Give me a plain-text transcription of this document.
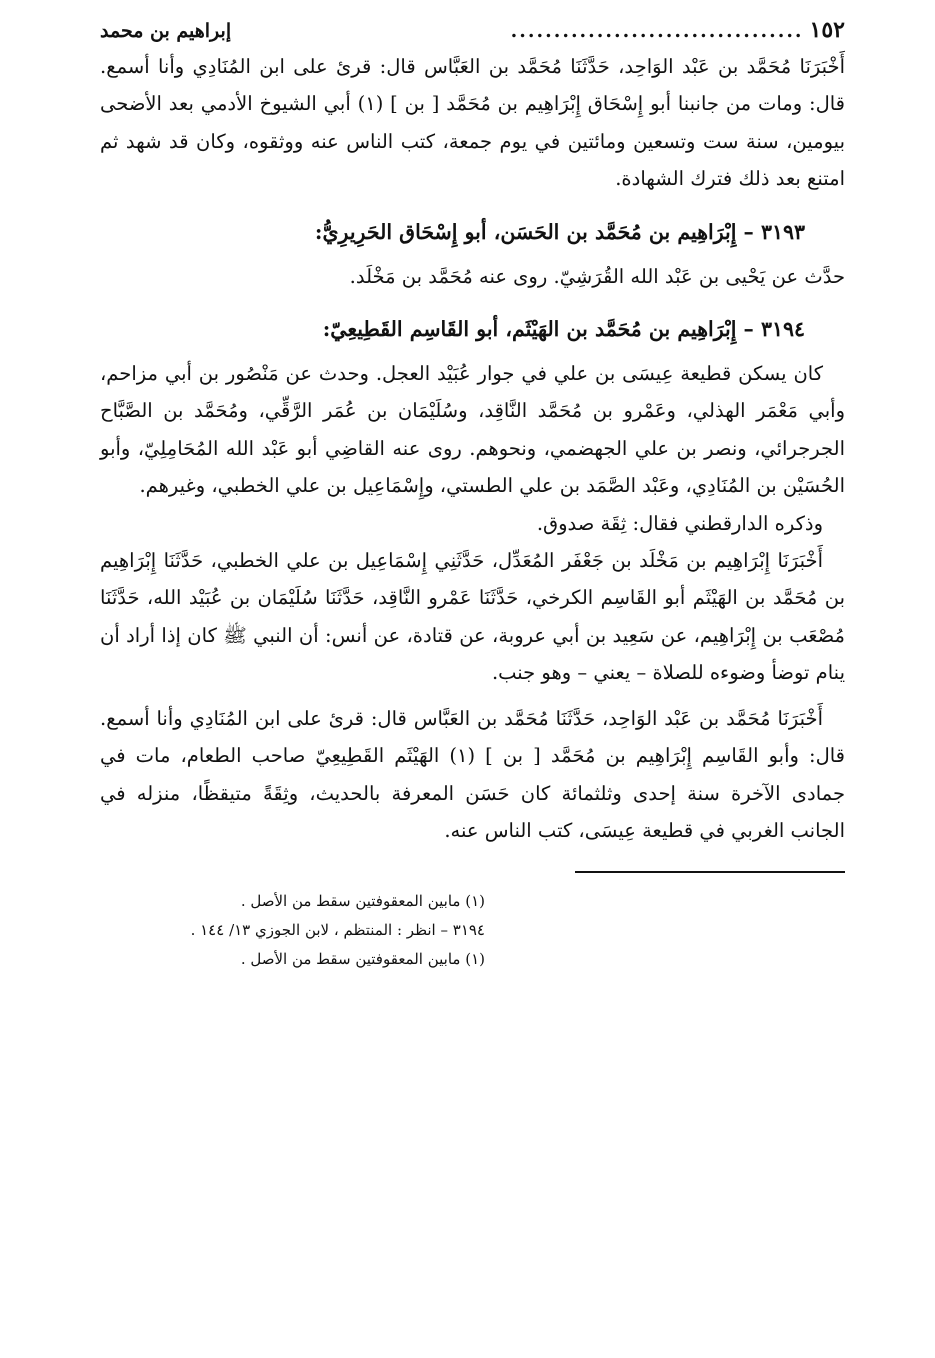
١٥٢
..................................
إبراهيم بن محمد

أَخْبَرَنَا مُحَمَّد بن عَبْد الوَاحِد، حَدَّثَنَا مُحَمَّد بن العَبَّاس قال: قرئ على ابن المُنَادِي وأنا أسمع. قال: ومات من جانبنا أبو إِسْحَاق إِبْرَاهِيم بن مُحَمَّد [ بن ] (١) أبي الشيوخ الأدمي بعد الأضحى بيومين، سنة ست وتسعين ومائتين في يوم جمعة، كتب الناس عنه ووثقوه، وكان قد شهد ثم امتنع بعد ذلك فترك الشهادة.

٣١٩٣ – إِبْرَاهِيم بن مُحَمَّد بن الحَسَن، أبو إِسْحَاق الحَرِيرِيُّ:

حدَّث عن يَحْيى بن عَبْد الله القُرَشِيّ. روى عنه مُحَمَّد بن مَخْلَد.

٣١٩٤ – إِبْرَاهِيم بن مُحَمَّد بن الهَيْثَم، أبو القَاسِم القَطِيعِيّ:

كان يسكن قطيعة عِيسَى بن علي في جوار عُبَيْد العجل. وحدث عن مَنْصُور بن أبي مزاحم، وأبي مَعْمَر الهذلي، وعَمْرو بن مُحَمَّد النَّاقِد، وسُلَيْمَان بن عُمَر الرَّقِّي، ومُحَمَّد بن الصَّبَّاح الجرجرائي، ونصر بن علي الجهضمي، ونحوهم. روى عنه القاضِي أبو عَبْد الله المُحَامِلِيّ، وأبو الحُسَيْن بن المُنَادِي، وعَبْد الصَّمَد بن علي الطستي، وإِسْمَاعِيل بن علي الخطبي، وغيرهم.

وذكره الدارقطني فقال: ثِقَة صدوق.

أَخْبَرَنَا إِبْرَاهِيم بن مَخْلَد بن جَعْفَر المُعَدِّل، حَدَّثَنِي إِسْمَاعِيل بن علي الخطبي، حَدَّثَنَا إِبْرَاهِيم بن مُحَمَّد بن الهَيْثَم أبو القَاسِم الكرخي، حَدَّثَنَا عَمْرو النَّاقِد، حَدَّثَنَا سُلَيْمَان بن عُبَيْد الله، حَدَّثَنَا مُصْعَب بن إِبْرَاهِيم، عن سَعِيد بن أبي عروبة، عن قتادة، عن أنس: أن النبي ﷺ كان إذا أراد أن ينام توضأ وضوءه للصلاة – يعني – وهو جنب.

أَخْبَرَنَا مُحَمَّد بن عَبْد الوَاحِد، حَدَّثَنَا مُحَمَّد بن العَبَّاس قال: قرئ على ابن المُنَادِي وأنا أسمع. قال: وأبو القَاسِم إِبْرَاهِيم بن مُحَمَّد [ بن ] (١) الهَيْثَم القَطِيعِيّ صاحب الطعام، مات في جمادى الآخرة سنة إحدى وثلثمائة كان حَسَن المعرفة بالحديث، وثِقَةً متيقظًا، منزله في الجانب الغربي في قطيعة عِيسَى، كتب الناس عنه.

(١) مابين المعقوفتين سقط من الأصل .
٣١٩٤ – انظر : المنتظم ، لابن الجوزي ١٣/ ١٤٤ .
(١) مابين المعقوفتين سقط من الأصل .
